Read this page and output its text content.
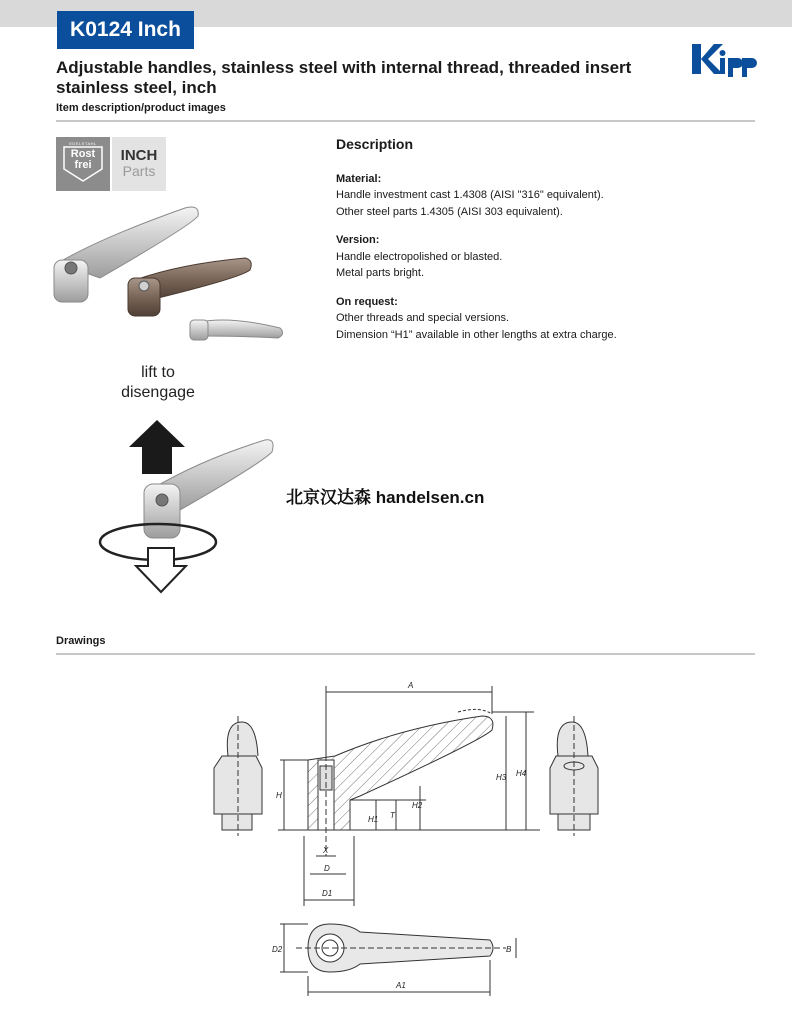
K0124 Inch
Adjustable handles, stainless steel with internal thread, threaded insert
stainless steel, inch
Item description/product images
Kipp
EDELSTAHL
Rost
frei
INCH
Parts
lift to
disengage
Description
Material:
Handle investment cast 1.4308 (AISI "316" equivalent).
Other steel parts 1.4305 (AISI 303 equivalent).
Version:
Handle electropolished or blasted.
Metal parts bright.
On request:
Other threads and special versions.
Dimension “H1” available in other lengths at extra charge.
北京汉达森 handelsen.cn
Drawings
A
H
H1 T
H2
H3 H4
X
D
D1
D2
A1
B
